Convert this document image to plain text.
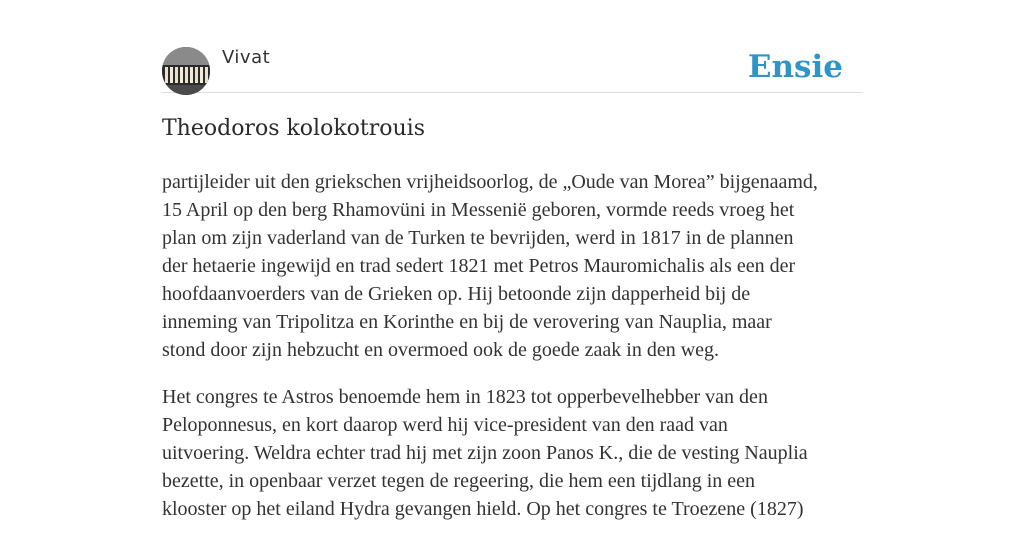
Vivat	Ensie
Theodoros kolokotrouis

partijleider uit den griekschen vrijheidsoorlog, de „Oude van Morea” bijgenaamd,
15 April op den berg Rhamovüni in Messenië geboren, vormde reeds vroeg het
plan om zijn vaderland van de Turken te bevrijden, werd in 1817 in de plannen
der hetaerie ingewijd en trad sedert 1821 met Petros Mauromichalis als een der
hoofdaanvoerders van de Grieken op. Hij betoonde zijn dapperheid bij de
inneming van Tripolitza en Korinthe en bij de verovering van Nauplia, maar
stond door zijn hebzucht en overmoed ook de goede zaak in den weg.

Het congres te Astros benoemde hem in 1823 tot opperbevelhebber van den
Peloponnesus, en kort daarop werd hij vice-president van den raad van
uitvoering. Weldra echter trad hij met zijn zoon Panos K., die de vesting Nauplia
bezette, in openbaar verzet tegen de regeering, die hem een tijdlang in een
klooster op het eiland Hydra gevangen hield. Op het congres te Troezene (1827)
